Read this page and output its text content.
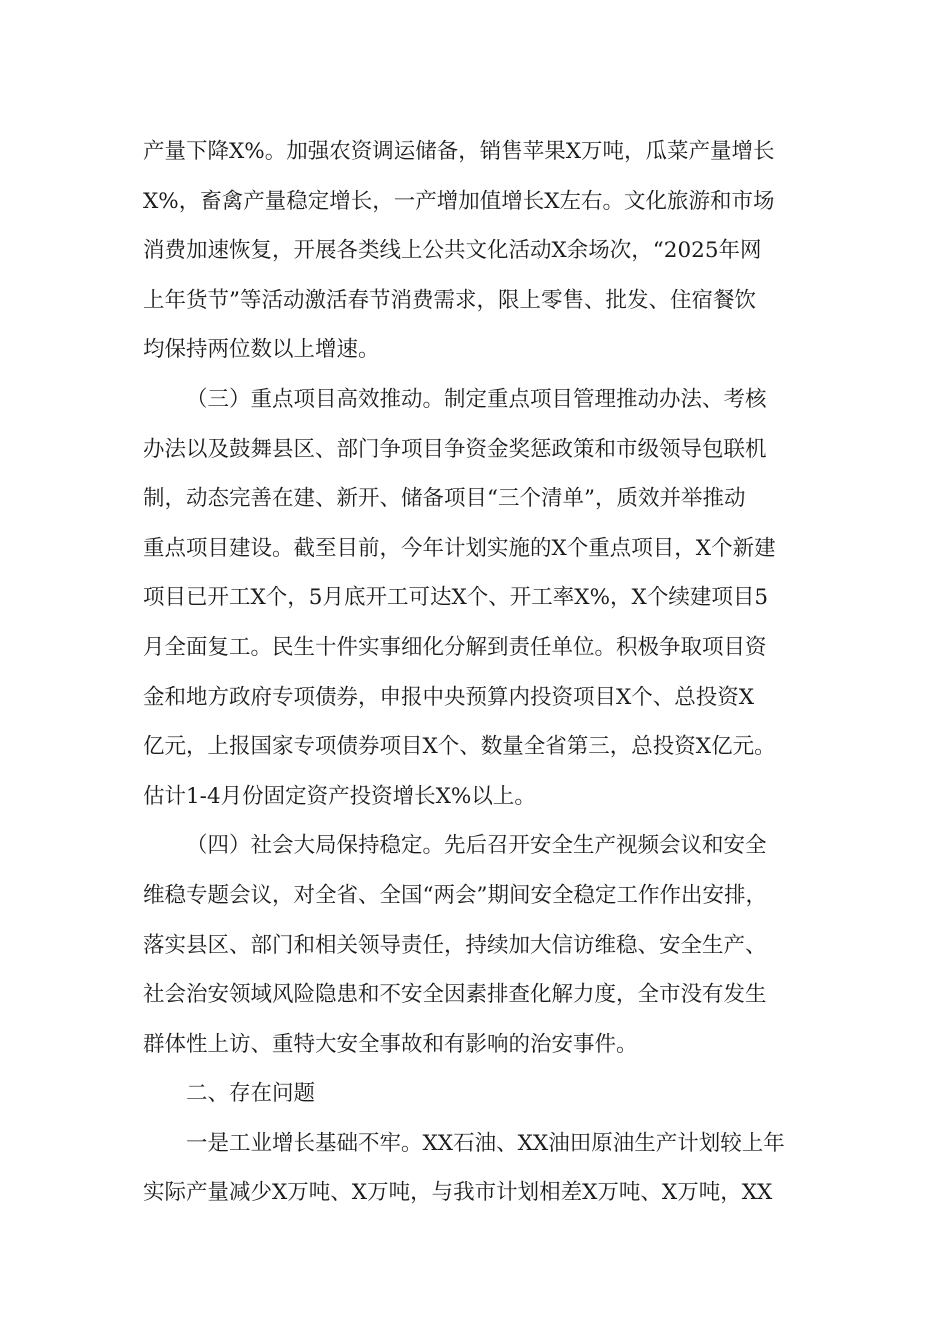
产量下降X%。加强农资调运储备，销售苹果X万吨，瓜菜产量增长
X%，畜禽产量稳定增长，一产增加值增长X左右。文化旅游和市场
消费加速恢复，开展各类线上公共文化活动X余场次，“2025年网
上年货节”等活动激活春节消费需求，限上零售、批发、住宿餐饮
均保持两位数以上增速。

（三）重点项目高效推动。制定重点项目管理推动办法、考核
办法以及鼓舞县区、部门争项目争资金奖惩政策和市级领导包联机
制，动态完善在建、新开、储备项目“三个清单”，质效并举推动
重点项目建设。截至目前，今年计划实施的X个重点项目，X个新建
项目已开工X个，5月底开工可达X个、开工率X%，X个续建项目5
月全面复工。民生十件实事细化分解到责任单位。积极争取项目资
金和地方政府专项债券，申报中央预算内投资项目X个、总投资X
亿元，上报国家专项债券项目X个、数量全省第三，总投资X亿元。
估计1-4月份固定资产投资增长X%以上。

（四）社会大局保持稳定。先后召开安全生产视频会议和安全
维稳专题会议，对全省、全国“两会”期间安全稳定工作作出安排，
落实县区、部门和相关领导责任，持续加大信访维稳、安全生产、
社会治安领域风险隐患和不安全因素排查化解力度，全市没有发生
群体性上访、重特大安全事故和有影响的治安事件。

二、存在问题

一是工业增长基础不牢。XX石油、XX油田原油生产计划较上年
实际产量减少X万吨、X万吨，与我市计划相差X万吨、X万吨，XX
